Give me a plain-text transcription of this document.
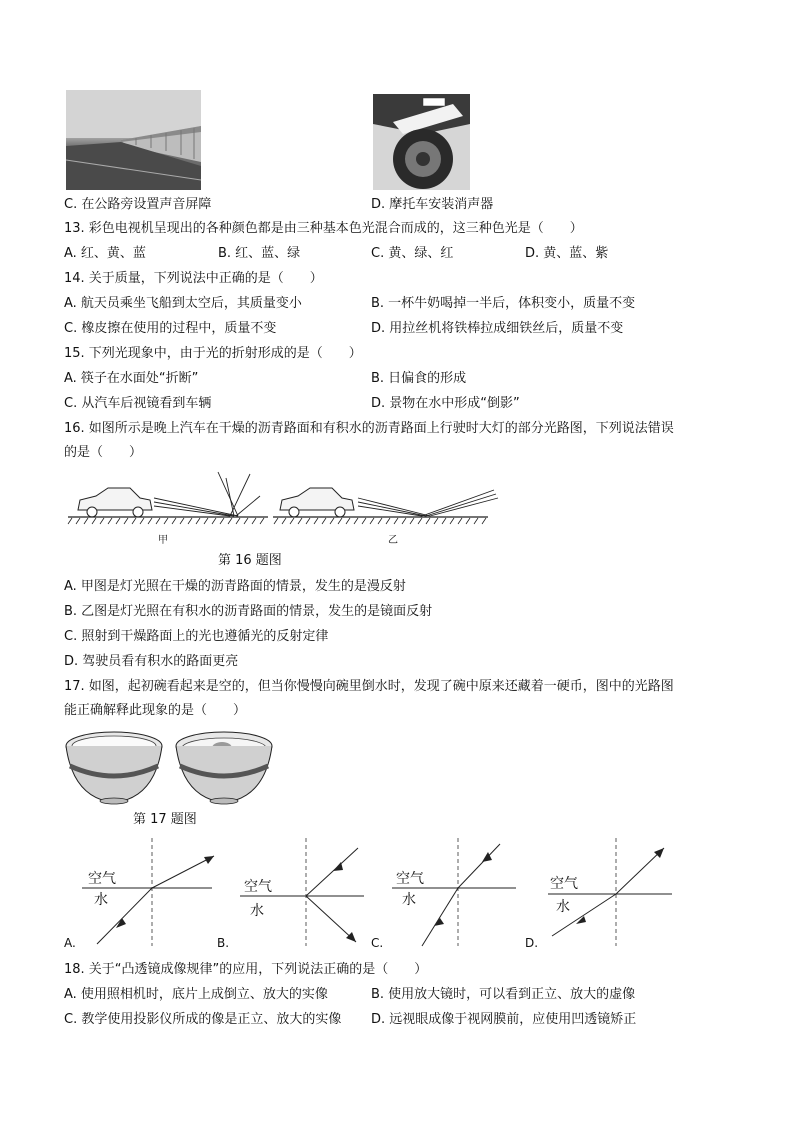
C. 在公路旁设置声音屏障	D. 摩托车安装消声器
13. 彩色电视机呈现出的各种颜色都是由三种基本色光混合而成的，这三种色光是（　　）
A. 红、黄、蓝	B. 红、蓝、绿	C. 黄、绿、红	D. 黄、蓝、紫
14. 关于质量，下列说法中正确的是（　　）
A. 航天员乘坐飞船到太空后，其质量变小	B. 一杯牛奶喝掉一半后，体积变小，质量不变
C. 橡皮擦在使用的过程中，质量不变	D. 用拉丝机将铁棒拉成细铁丝后，质量不变
15. 下列光现象中，由于光的折射形成的是（　　）
A. 筷子在水面处“折断”	B. 日偏食的形成
C. 从汽车后视镜看到车辆	D. 景物在水中形成“倒影”
16. 如图所示是晚上汽车在干燥的沥青路面和有积水的沥青路面上行驶时大灯的部分光路图，下列说法错误
的是（　　）
甲	乙
第 16 题图
A. 甲图是灯光照在干燥的沥青路面的情景，发生的是漫反射
B. 乙图是灯光照在有积水的沥青路面的情景，发生的是镜面反射
C. 照射到干燥路面上的光也遵循光的反射定律
D. 驾驶员看有积水的路面更亮
17. 如图，起初碗看起来是空的，但当你慢慢向碗里倒水时，发现了碗中原来还藏着一硬币，图中的光路图
能正确解释此现象的是（　　）
第 17 题图
空气
水
空气
水
空气
水
空气
水
A.	B.	C.	D.
18. 关于“凸透镜成像规律”的应用，下列说法正确的是（　　）
A. 使用照相机时，底片上成倒立、放大的实像	B. 使用放大镜时，可以看到正立、放大的虚像
C. 教学使用投影仪所成的像是正立、放大的实像 D. 远视眼成像于视网膜前，应使用凹透镜矫正
